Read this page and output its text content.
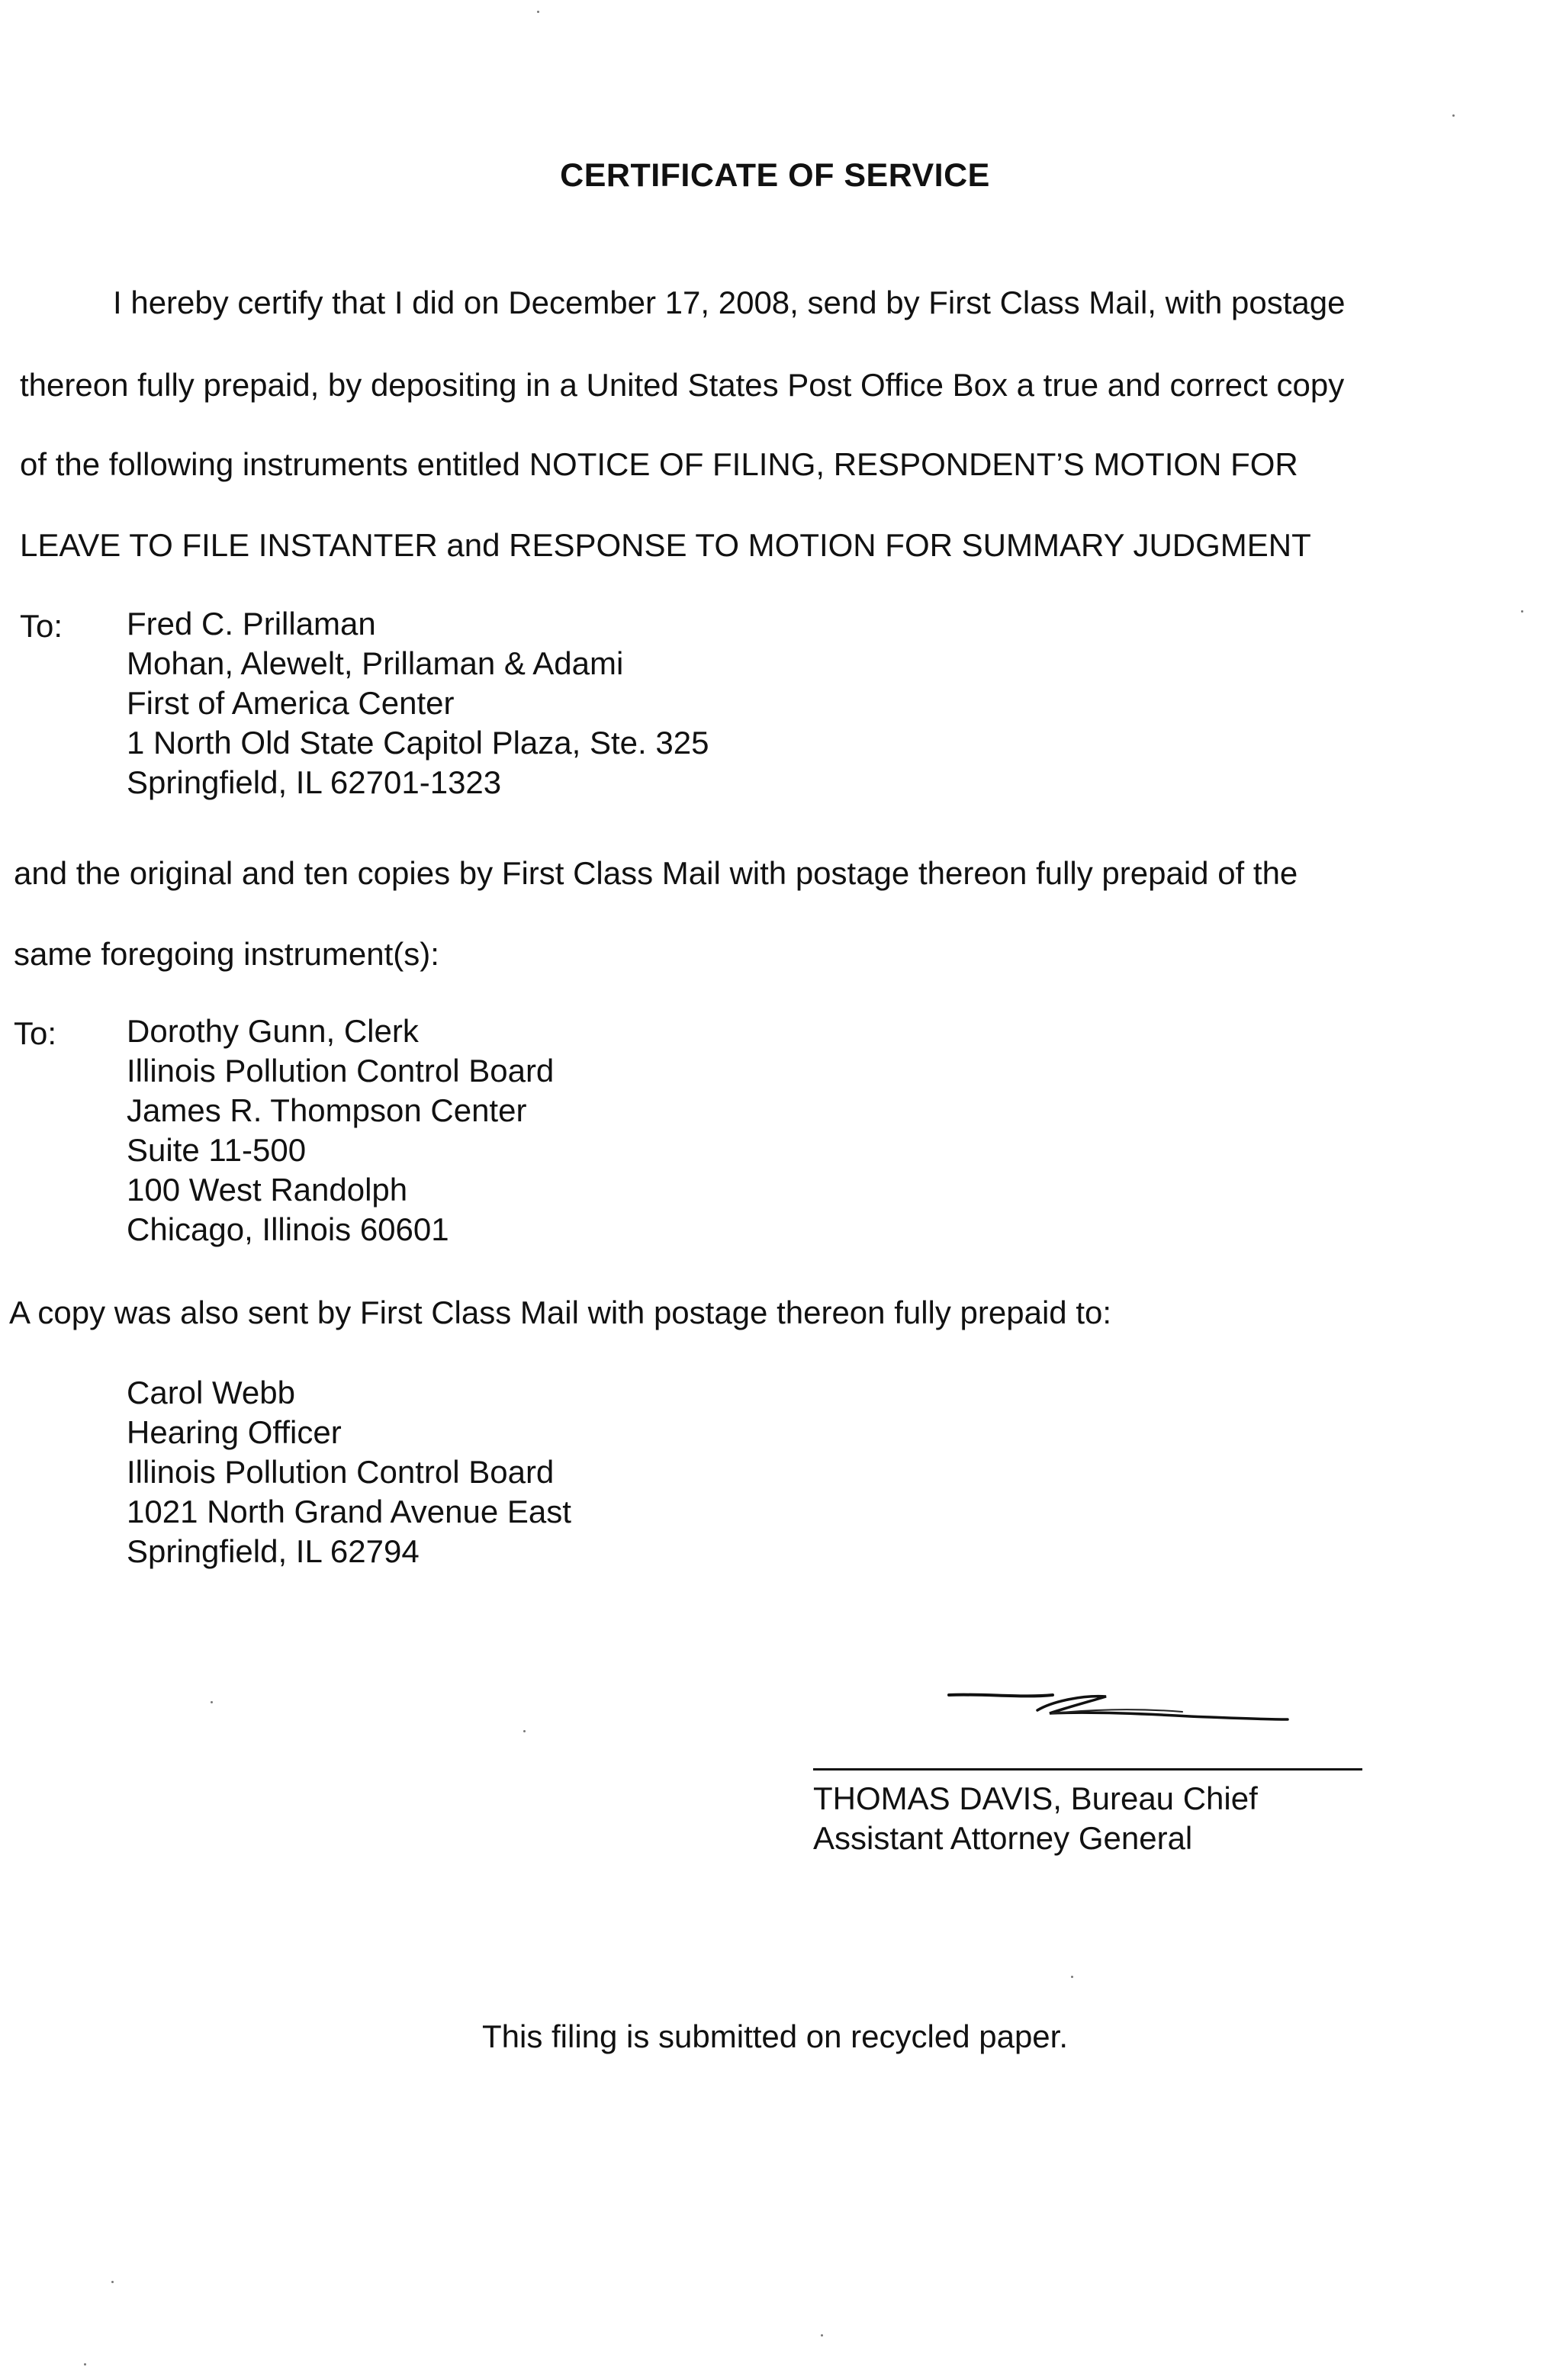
CERTIFICATE OF SERVICE
I hereby certify that I did on December 17, 2008, send by First Class Mail, with postage
thereon fully prepaid, by depositing in a United States Post Office Box a true and correct copy
of the following instruments entitled NOTICE OF FILING, RESPONDENT’S MOTION FOR
LEAVE TO FILE INSTANTER and RESPONSE TO MOTION FOR SUMMARY JUDGMENT
To: Fred C. Prillaman
Mohan, Alewelt, Prillaman & Adami
First of America Center
1 North Old State Capitol Plaza, Ste. 325
Springfield, IL 62701-1323
and the original and ten copies by First Class Mail with postage thereon fully prepaid of the
same foregoing instrument(s):
To: Dorothy Gunn, Clerk
Illinois Pollution Control Board
James R. Thompson Center
Suite 11-500
100 West Randolph
Chicago, Illinois 60601
A copy was also sent by First Class Mail with postage thereon fully prepaid to:
Carol Webb
Hearing Officer
Illinois Pollution Control Board
1021 North Grand Avenue East
Springfield, IL 62794
THOMAS DAVIS, Bureau Chief
Assistant Attorney General
This filing is submitted on recycled paper.
